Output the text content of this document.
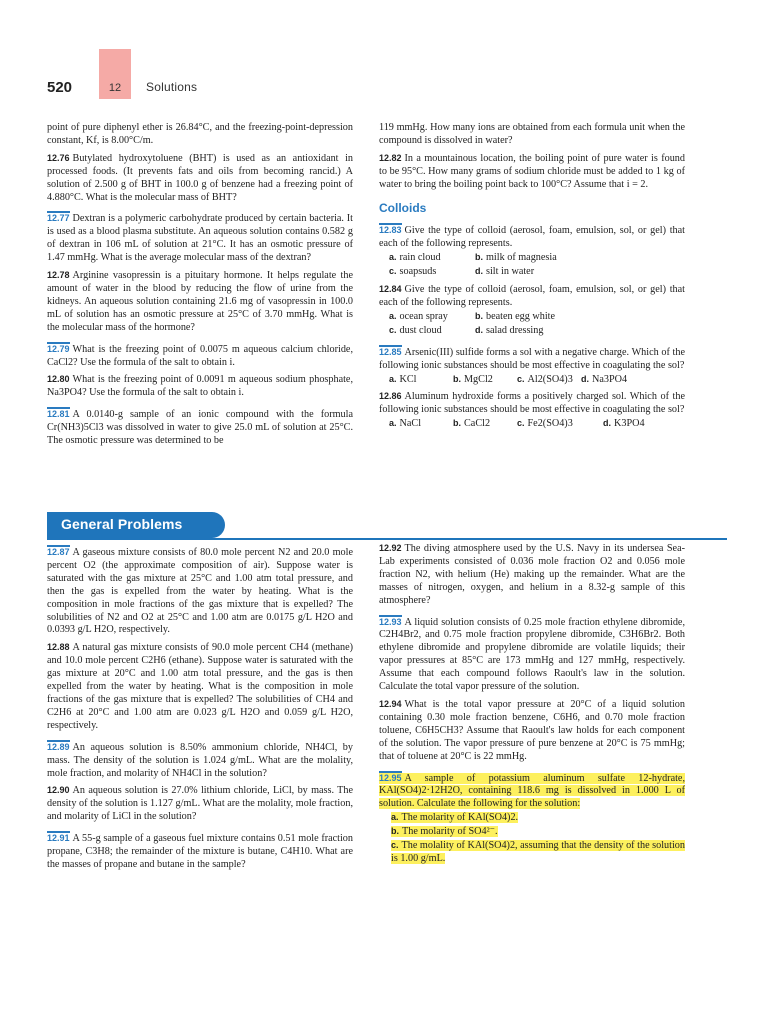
520	12	Solutions

point of pure diphenyl ether is 26.84°C, and the freezing-point-depression constant, Kf, is 8.00°C/m.

12.76 Butylated hydroxytoluene (BHT) is used as an antioxidant in processed foods. (It prevents fats and oils from becoming rancid.) A solution of 2.500 g of BHT in 100.0 g of benzene had a freezing point of 4.880°C. What is the molecular mass of BHT?

12.77 Dextran is a polymeric carbohydrate produced by certain bacteria. It is used as a blood plasma substitute. An aqueous solution contains 0.582 g of dextran in 106 mL of solution at 21°C. It has an osmotic pressure of 1.47 mmHg. What is the average molecular mass of the dextran?

12.78 Arginine vasopressin is a pituitary hormone. It helps regulate the amount of water in the blood by reducing the flow of urine from the kidneys. An aqueous solution containing 21.6 mg of vasopressin in 100.0 mL of solution has an osmotic pressure at 25°C of 3.70 mmHg. What is the molecular mass of the hormone?

12.79 What is the freezing point of 0.0075 m aqueous calcium chloride, CaCl2? Use the formula of the salt to obtain i.

12.80 What is the freezing point of 0.0091 m aqueous sodium phosphate, Na3PO4? Use the formula of the salt to obtain i.

12.81 A 0.0140-g sample of an ionic compound with the formula Cr(NH3)5Cl3 was dissolved in water to give 25.0 mL of solution at 25°C. The osmotic pressure was determined to be

119 mmHg. How many ions are obtained from each formula unit when the compound is dissolved in water?

12.82 In a mountainous location, the boiling point of pure water is found to be 95°C. How many grams of sodium chloride must be added to 1 kg of water to bring the boiling point back to 100°C? Assume that i = 2.

Colloids

12.83 Give the type of colloid (aerosol, foam, emulsion, sol, or gel) that each of the following represents.

a. rain cloud	b. milk of magnesia
c. soapsuds	d. silt in water

12.84 Give the type of colloid (aerosol, foam, emulsion, sol, or gel) that each of the following represents.

a. ocean spray	b. beaten egg white
c. dust cloud	d. salad dressing

12.85 Arsenic(III) sulfide forms a sol with a negative charge. Which of the following ionic substances should be most effective in coagulating the sol?

a. KCl	b. MgCl2	c. Al2(SO4)3 d. Na3PO4

12.86 Aluminum hydroxide forms a positively charged sol. Which of the following ionic substances should be most effective in coagulating the sol?

a. NaCl	b. CaCl2	c. Fe2(SO4)3	d. K3PO4
General Problems

12.87 A gaseous mixture consists of 80.0 mole percent N2 and 20.0 mole percent O2 (the approximate composition of air). Suppose water is saturated with the gas mixture at 25°C and 1.00 atm total pressure, and then the gas is expelled from the water by heating. What is the composition in mole fractions of the gas mixture that is expelled? The solubilities of N2 and O2 at 25°C and 1.00 atm are 0.0175 g/L H2O and 0.0393 g/L H2O, respectively.

12.88 A natural gas mixture consists of 90.0 mole percent CH4 (methane) and 10.0 mole percent C2H6 (ethane). Suppose water is saturated with the gas mixture at 20°C and 1.00 atm total pressure, and the gas is then expelled from the water by heating. What is the composition in mole fractions of the gas mixture that is expelled? The solubilities of CH4 and C2H6 at 20°C and 1.00 atm are 0.023 g/L H2O and 0.059 g/L H2O, respectively.

12.89 An aqueous solution is 8.50% ammonium chloride, NH4Cl, by mass. The density of the solution is 1.024 g/mL. What are the molality, mole fraction, and molarity of NH4Cl in the solution?

12.90 An aqueous solution is 27.0% lithium chloride, LiCl, by mass. The density of the solution is 1.127 g/mL. What are the molality, mole fraction, and molarity of LiCl in the solution?

12.91 A 55-g sample of a gaseous fuel mixture contains 0.51 mole fraction propane, C3H8; the remainder of the mixture is butane, C4H10. What are the masses of propane and butane in the sample?

12.92 The diving atmosphere used by the U.S. Navy in its undersea Sea-Lab experiments consisted of 0.036 mole fraction O2 and 0.056 mole fraction N2, with helium (He) making up the remainder. What are the masses of nitrogen, oxygen, and helium in a 8.32-g sample of this atmosphere?

12.93 A liquid solution consists of 0.25 mole fraction ethylene dibromide, C2H4Br2, and 0.75 mole fraction propylene dibromide, C3H6Br2. Both ethylene dibromide and propylene dibromide are volatile liquids; their vapor pressures at 85°C are 173 mmHg and 127 mmHg, respectively. Assume that each compound follows Raoult's law in the solution. Calculate the total vapor pressure of the solution.

12.94 What is the total vapor pressure at 20°C of a liquid solution containing 0.30 mole fraction benzene, C6H6, and 0.70 mole fraction toluene, C6H5CH3? Assume that Raoult's law holds for each component of the solution. The vapor pressure of pure benzene at 20°C is 75 mmHg; that of toluene at 20°C is 22 mmHg.

12.95 A sample of potassium aluminum sulfate 12-hydrate, KAl(SO4)2·12H2O, containing 118.6 mg is dissolved in 1.000 L of solution. Calculate the following for the solution:

a. The molarity of KAl(SO4)2.
b. The molarity of SO4²⁻.
c. The molality of KAl(SO4)2, assuming that the density of the solution is 1.00 g/mL.
